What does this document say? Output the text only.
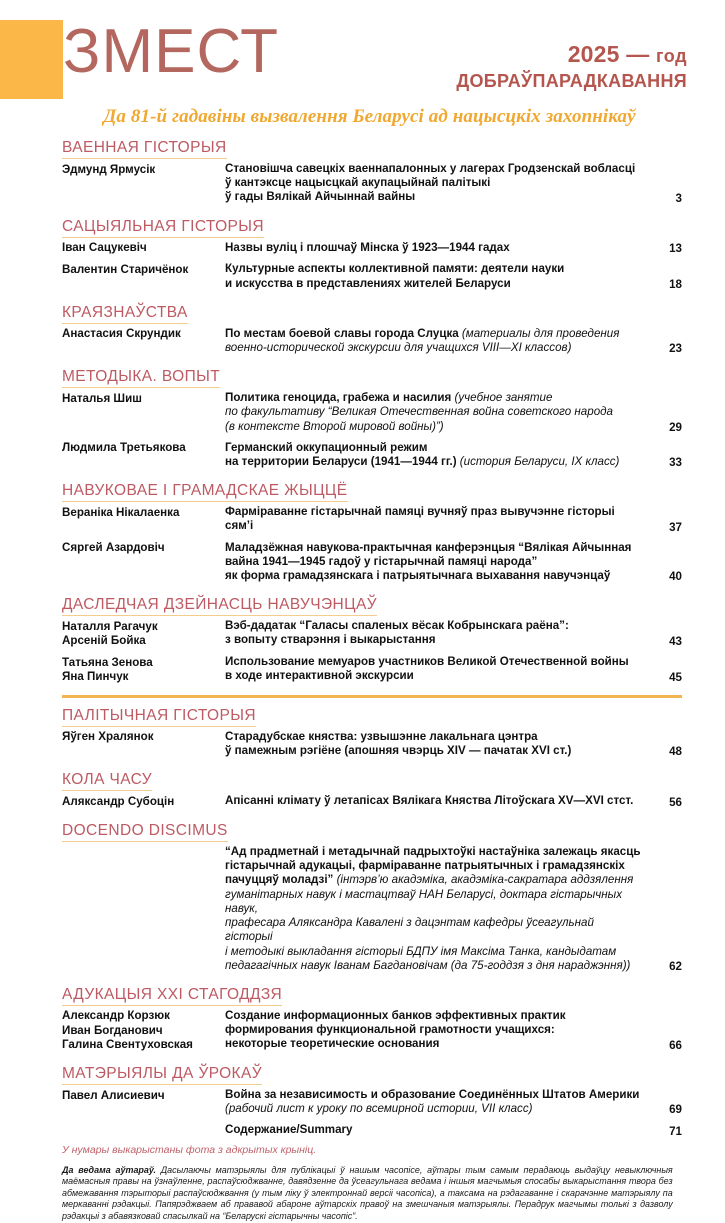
ЗМЕСТ	2025 — год
ДОБРАЎПАРАДКАВАННЯ
Да 81-й гадавіны вызвалення Беларусі ад нацысцкіх захопнікаў
ВАЕННАЯ ГІСТОРЫЯ
Эдмунд Ярмусік	Становішча савецкіх ваеннапалонных у лагерах Гродзенскай вобласці
ў кантэксце нацысцкай акупацыйнай палітыкі
ў гады Вялікай Айчыннай вайны	3
САЦЫЯЛЬНАЯ ГІСТОРЫЯ
Іван Сацукевіч	Назвы вуліц і плошчаў Мінска ў 1923—1944 гадах	13
Валентин Старичёнок	Культурные аспекты коллективной памяти: деятели науки
и искусства в представлениях жителей Беларуси	18
КРАЯЗНАЎСТВА
Анастасия Скрундик	По местам боевой славы города Слуцка (материалы для проведения
военно-исторической экскурсии для учащихся VIII—XI классов)	23
МЕТОДЫКА. ВОПЫТ
Наталья Шиш	Политика геноцида, грабежа и насилия (учебное занятие
по факультативу “Великая Отечественная война советского народа
(в контексте Второй мировой войны)”)	29
Людмила Третьякова	Германский оккупационный режим
на территории Беларуси (1941—1944 гг.) (история Беларуси, IX класс)	33
НАВУКОВАЕ І ГРАМАДСКАЕ ЖЫЦЦЁ
Вераніка Нікалаенка	Фарміраванне гістарычнай памяці вучняў праз вывучэнне гісторыі сям’і	37
Сяргей Азардовіч	Маладзёжная навукова-практычная канферэнцыя “Вялікая Айчынная
вайна 1941—1945 гадоў у гістарычнай памяці народа”
як форма грамадзянскага і патрыятычнага выхавання навучэнцаў	40
ДАСЛЕДЧАЯ ДЗЕЙНАСЦЬ НАВУЧЭНЦАЎ
Наталля Рагачук
Арсеній Бойка
Вэб-дадатак “Галасы спаленых вёсак Кобрынскага раёна”:
з вопыту стварэння і выкарыстання	43
Татьяна Зенова
Яна Пинчук
Использование мемуаров участников Великой Отечественной войны
в ходе интерактивной экскурсии	45
ПАЛІТЫЧНАЯ ГІСТОРЫЯ
Яўген Хралянок	Старадубскае княства: узвышэнне лакальнага цэнтра
ў памежным рэгіёне (апошняя чвэрць XIV — пачатак XVI ст.)	48
КОЛА ЧАСУ
Аляксандр Субоцін	Апісанні клімату ў летапісах Вялікага Княства Літоўскага XV—XVI стст.	56
DOCENDO DISCIMUS
“Ад прадметнай і метадычнай падрыхтоўкі настаўніка залежаць якасць
гістарычнай адукацыі, фарміраванне патрыятычных і грамадзянскіх
пачуццяў моладзі” (інтэрв’ю акадэміка, акадэміка-сакратара аддзялення
гуманітарных навук і мастацтваў НАН Беларусі, доктара гістарычных навук,
прафесара Аляксандра Кавалені з дацэнтам кафедры ўсеагульнай гісторыі
і методыкі выкладання гісторыі БДПУ імя Максіма Танка, кандыдатам
педагагічных навук Іванам Багдановічам (да 75-годдзя з дня нараджэння))	62
АДУКАЦЫЯ XXI СТАГОДДЗЯ
Александр Корзюк
Иван Богданович
Галина Свентуховская
Создание информационных банков эффективных практик
формирования функциональной грамотности учащихся:
некоторые теоретические основания	66
МАТЭРЫЯЛЫ ДА ЎРОКАЎ
Павел Алисиевич	Война за независимость и образование Соединённых Штатов Америки
(рабочий лист к уроку по всемирной истории, VII класс)	69
Содержание/Summary	71
У нумары выкарыстаны фота з адкрытых крыніц.
Да ведама аўтараў. Дасылаючы матэрыялы для публікацыі ў нашым часопісе, аўтары тым самым перадаюць выдаўцу невыключныя маёмасныя правы на ўзнаўленне, распаўсюджванне, давядзенне да ўсеагульнага ведама і іншыя магчымыя спосабы выкарыстання твора без абмежавання тэрыторыі распаўсюджвання (у тым ліку ў электроннай версіі часопіса), а таксама на рэдагаванне і скарачэнне матэрыялу па меркаванні рэдакцыі. Папярэджваем аб прававой абароне аўтарскіх правоў на змешчаныя матэрыялы. Перадрук магчымы толькі з дазволу рэдакцыі з абавязковай спасылкай на “Беларускі гістарычны часопіс”.
